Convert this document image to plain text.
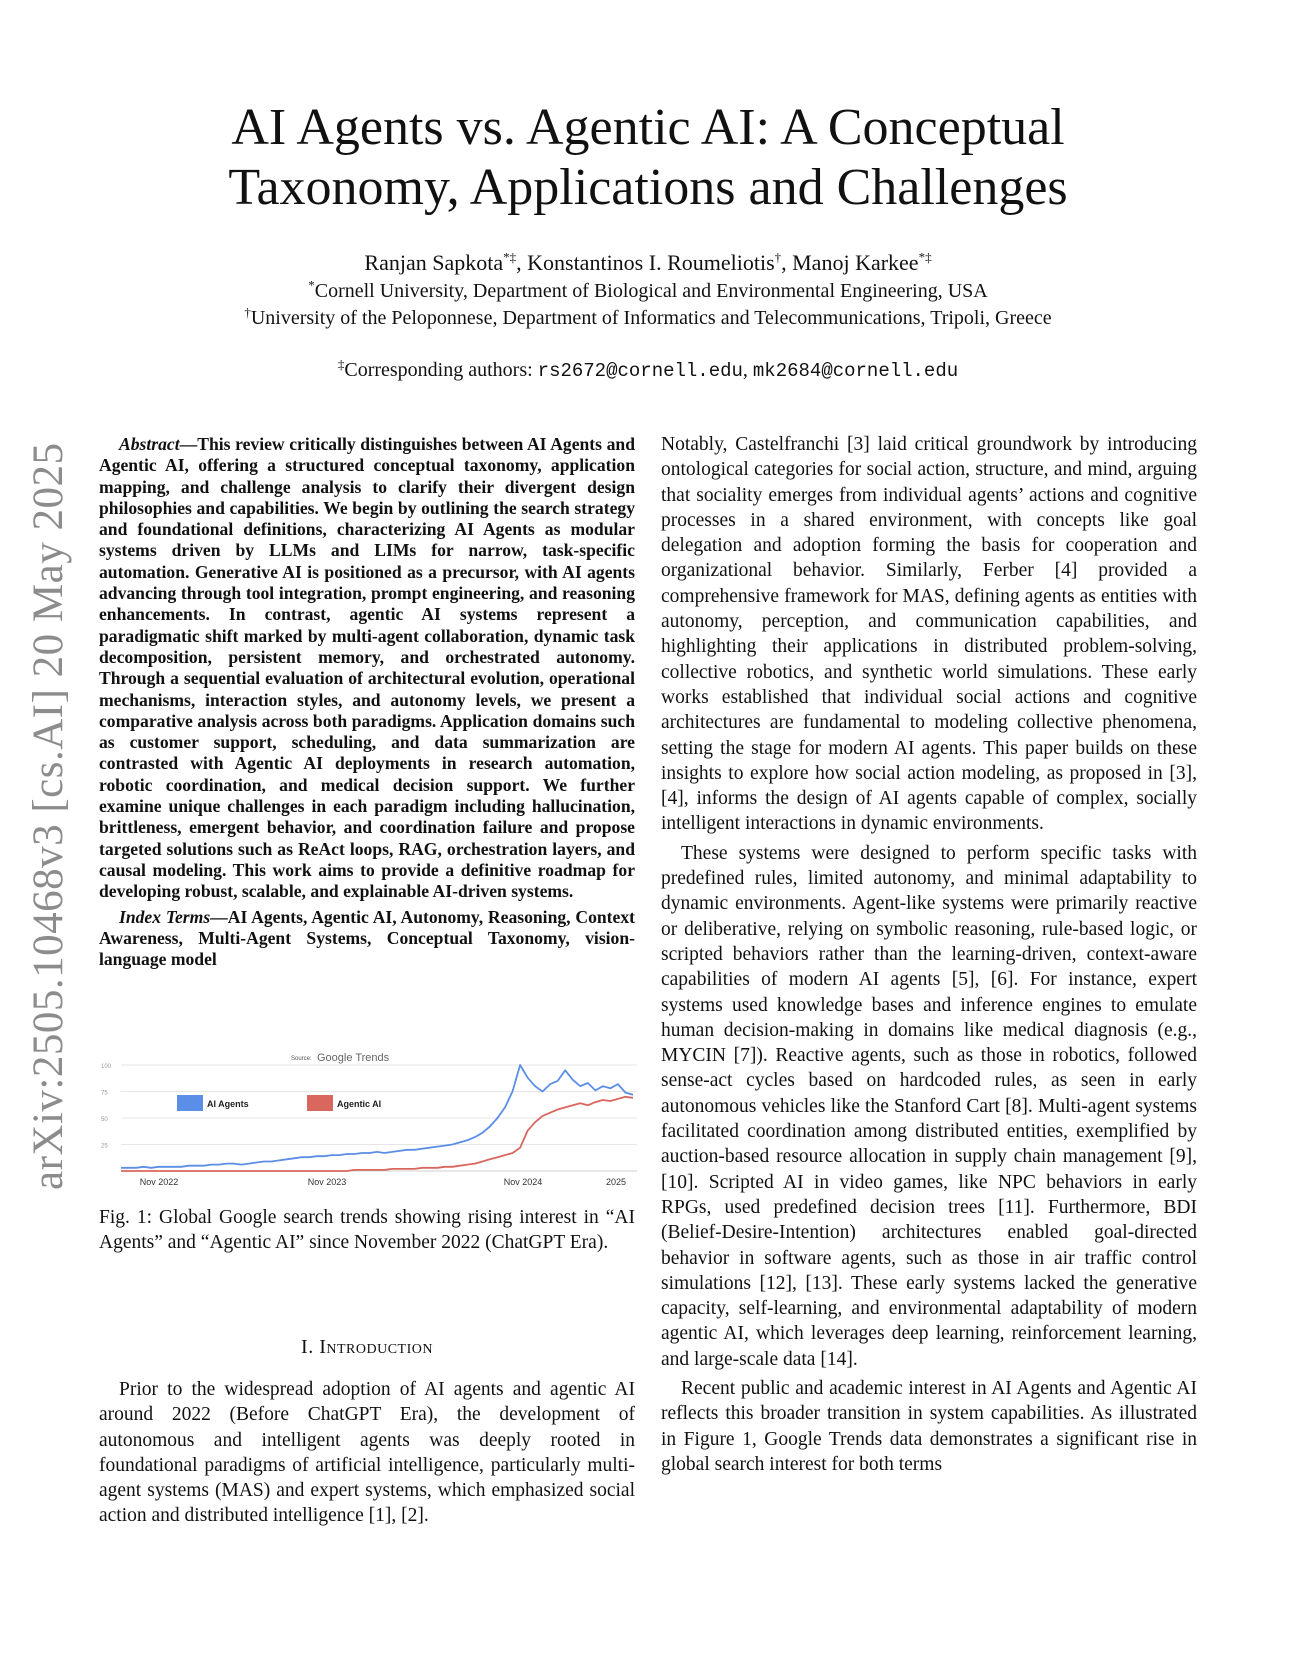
arXiv:2505.10468v3 [cs.AI] 20 May 2025
AI Agents vs. Agentic AI: A Conceptual
Taxonomy, Applications and Challenges
Ranjan Sapkota*‡, Konstantinos I. Roumeliotis†, Manoj Karkee*‡
*Cornell University, Department of Biological and Environmental Engineering, USA
†University of the Peloponnese, Department of Informatics and Telecommunications, Tripoli, Greece
‡Corresponding authors: rs2672@cornell.edu, mk2684@cornell.edu

Abstract—This review critically distinguishes between AI Agents and Agentic AI, offering a structured conceptual taxonomy, application mapping, and challenge analysis to clarify their divergent design philosophies and capabilities. We begin by outlining the search strategy and foundational definitions, characterizing AI Agents as modular systems driven by LLMs and LIMs for narrow, task-specific automation. Generative AI is positioned as a precursor, with AI agents advancing through tool integration, prompt engineering, and reasoning enhancements. In contrast, agentic AI systems represent a paradigmatic shift marked by multi-agent collaboration, dynamic task decomposition, persistent memory, and orchestrated autonomy. Through a sequential evaluation of architectural evolution, operational mechanisms, interaction styles, and autonomy levels, we present a comparative analysis across both paradigms. Application domains such as customer support, scheduling, and data summarization are contrasted with Agentic AI deployments in research automation, robotic coordination, and medical decision support. We further examine unique challenges in each paradigm including hallucination, brittleness, emergent behavior, and coordination failure and propose targeted solutions such as ReAct loops, RAG, orchestration layers, and causal modeling. This work aims to provide a definitive roadmap for developing robust, scalable, and explainable AI-driven systems.

Index Terms—AI Agents, Agentic AI, Autonomy, Reasoning, Context Awareness, Multi-Agent Systems, Conceptual Taxonomy, vision-language model

Source: Google Trends
25
50
75
100
AI Agents	Agentic AI
Nov 2022	Nov 2023	Nov 2024	2025

Fig. 1: Global Google search trends showing rising interest in “AI Agents” and “Agentic AI” since November 2022 (ChatGPT Era).

I. Introduction

Prior to the widespread adoption of AI agents and agentic AI around 2022 (Before ChatGPT Era), the development of autonomous and intelligent agents was deeply rooted in foundational paradigms of artificial intelligence, particularly multi-agent systems (MAS) and expert systems, which emphasized social action and distributed intelligence [1], [2].

Notably, Castelfranchi [3] laid critical groundwork by introducing ontological categories for social action, structure, and mind, arguing that sociality emerges from individual agents’ actions and cognitive processes in a shared environment, with concepts like goal delegation and adoption forming the basis for cooperation and organizational behavior. Similarly, Ferber [4] provided a comprehensive framework for MAS, defining agents as entities with autonomy, perception, and communication capabilities, and highlighting their applications in distributed problem-solving, collective robotics, and synthetic world simulations. These early works established that individual social actions and cognitive architectures are fundamental to modeling collective phenomena, setting the stage for modern AI agents. This paper builds on these insights to explore how social action modeling, as proposed in [3], [4], informs the design of AI agents capable of complex, socially intelligent interactions in dynamic environments.

These systems were designed to perform specific tasks with predefined rules, limited autonomy, and minimal adaptability to dynamic environments. Agent-like systems were primarily reactive or deliberative, relying on symbolic reasoning, rule-based logic, or scripted behaviors rather than the learning-driven, context-aware capabilities of modern AI agents [5], [6]. For instance, expert systems used knowledge bases and inference engines to emulate human decision-making in domains like medical diagnosis (e.g., MYCIN [7]). Reactive agents, such as those in robotics, followed sense-act cycles based on hardcoded rules, as seen in early autonomous vehicles like the Stanford Cart [8]. Multi-agent systems facilitated coordination among distributed entities, exemplified by auction-based resource allocation in supply chain management [9], [10]. Scripted AI in video games, like NPC behaviors in early RPGs, used predefined decision trees [11]. Furthermore, BDI (Belief-Desire-Intention) architectures enabled goal-directed behavior in software agents, such as those in air traffic control simulations [12], [13]. These early systems lacked the generative capacity, self-learning, and environmental adaptability of modern agentic AI, which leverages deep learning, reinforcement learning, and large-scale data [14].

Recent public and academic interest in AI Agents and Agentic AI reflects this broader transition in system capabilities. As illustrated in Figure 1, Google Trends data demonstrates a significant rise in global search interest for both terms
